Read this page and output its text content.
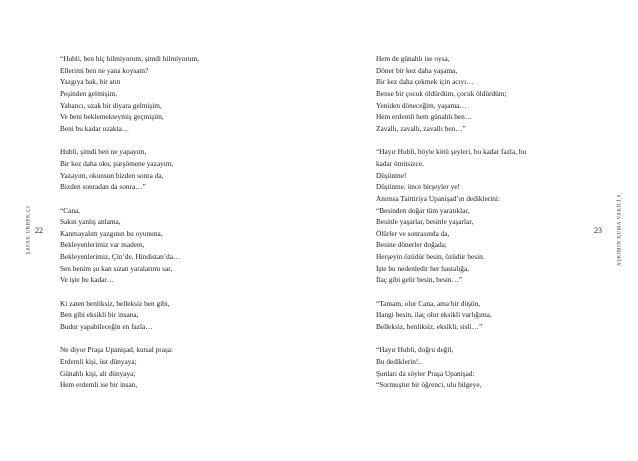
ŞAFAK ÜRBEK.ÇI 22	AŞKIMIN KUMA VAKİLİ.S
23
“Hubli, ben hiç bilmiyorum, şimdi bilmiyorum,
Ellerimi ben ne yana koysam?
Yazgıya bak, bir atın
Peşinden gelmişim,
Yabancı, uzak bir diyara gelmişim,
Ve beni beklemekteymiş geçmişim,
Beni bu kadar uzakta…
Hubli, şimdi ben ne yapayım,
Bir kez daha oku, parşömene yazayım,
Yazayım, okunsun bizden sonra da,
Bizden sonradan da sonra…”
“Cana,
Sakın yanlış anlama,
Kanmayalım yazgının bu oyununa,
Bekleyenlerimiz var madem,
Bekleyenlerimiz, Çin’de, Hindistan’da…
Sen benim şu kan sızan yaralarımı sar,
Ve işte bu kadar…
Ki zaten benliksiz, belleksiz ben gibi,
Ben gibi eksikli bir insana,
Budur yapabileceğin en fazla…
Ne diyor Praşa Upanişad, kutsal praşa:
Erdemli kişi, üst dünyaya;
Günahlı kişi, alt dünyaya;
Hem erdemli ise bir insan,
Hem de günahlı ise oysa,
Döner bir kez daha yaşama,
Bir kez daha çekmek için acıyı…
Bense bir çocuk öldürdüm, çocuk öldürdüm;
Yeniden döneceğim, yaşama…
Hem erdemli hem günahlı ben…
Zavallı, zavallı, zavallı ben…”
“Hayır Hubli, böyle kötü şeyleri, bu kadar fazla, bu
kadar ümitsizce,
Düşünme!
Düşünme, önce birşeyler ye!
Anımsa Taittiriya Upanişad’ın dediklerini:
“Besinden doğar tüm yaratıklar,
Besinle yaşarlar, besinle yaşarlar,
Ölürler ve sonrasında da,
Besine dönerler doğada;
Herşeyin özüdür besin, özüdür besin.
İşte bu nedenledir her hastalığa,
İlaç gibi gelir besin, besin…”
“Tamam, olur Cana, ama bir düşün,
Hangi besin, ilaç olur eksikli varlığıma,
Belleksiz, benliksiz, eksikli, sisli…”
“Hayır Hubli, doğru değil,
Bu dediklerin!..
Şunları da söyler Praşa Upanişad:
“Sormuştur bir öğrenci, ulu bilgeye,
